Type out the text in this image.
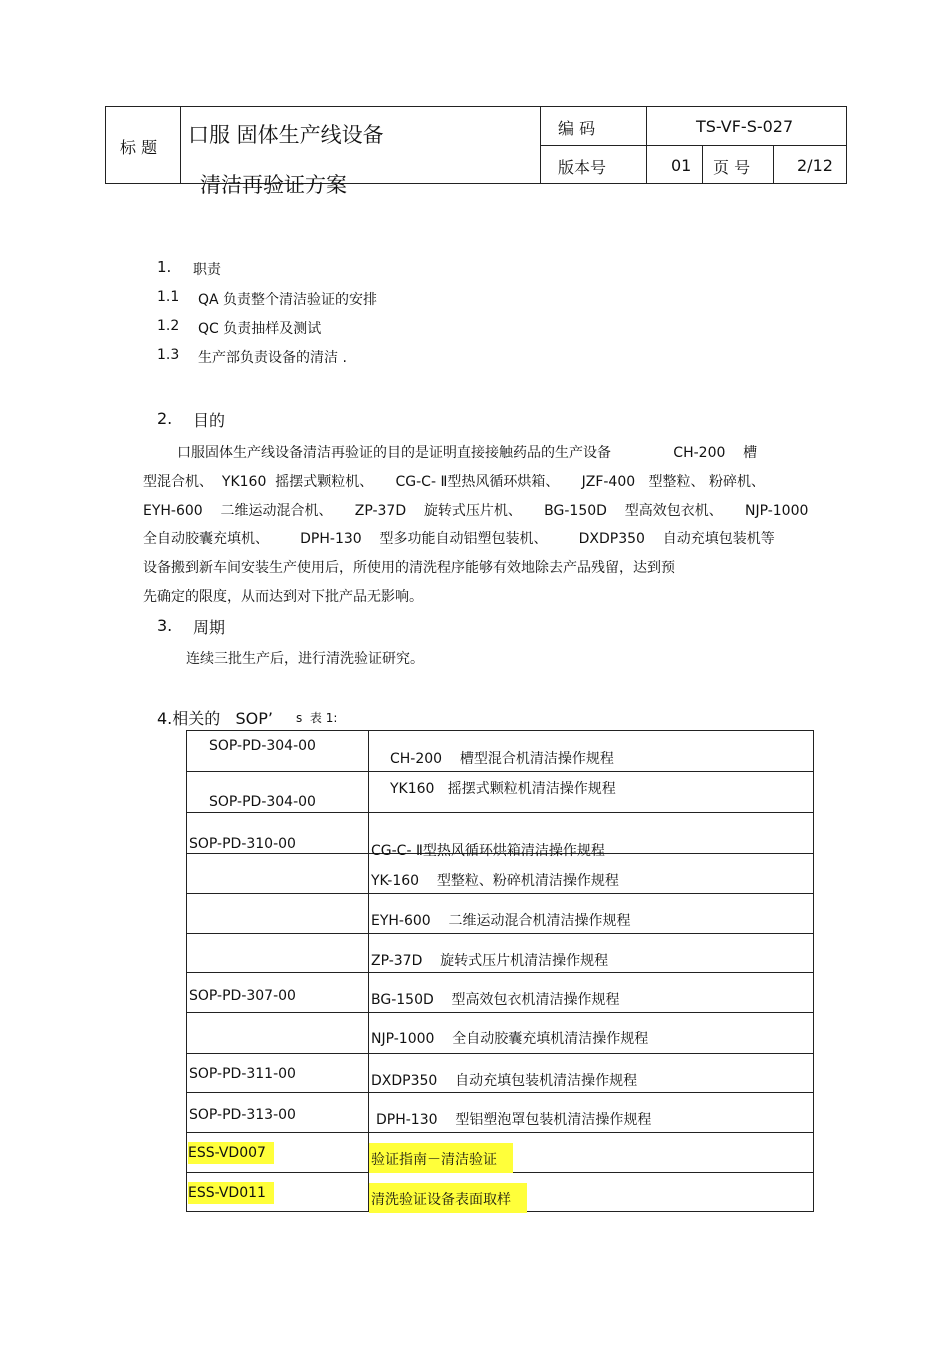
标 题
口服 固体生产线设备
清洁再验证方案
编 码	TS-VF-S-027
版本号	01 页 号	2/12
1. 职责
1.1 QA 负责整个清洁验证的安排
1.2 QC 负责抽样及测试
1.3 生产部负责设备的清洁 .
2. 目的
口服固体生产线设备清洁再验证的目的是证明直接接触药品的生产设备              CH-200    槽
型混合机、  YK160  摇摆式颗粒机、     CG-C- Ⅱ型热风循环烘箱、     JZF-400   型整粒、 粉碎机、
EYH-600    二维运动混合机、     ZP-37D    旋转式压片机、     BG-150D    型高效包衣机、     NJP-1000
全自动胶囊充填机、       DPH-130    型多功能自动铝塑包装机、       DXDP350    自动充填包装机等
设备搬到新车间安装生产使用后，所使用的清洗程序能够有效地除去产品残留，达到预
先确定的限度，从而达到对下批产品无影响。
3. 周期
连续三批生产后，进行清洗验证研究。
4.相关的   SOP’ s  表 1:
SOP-PD-304-00	CH-200    槽型混合机清洁操作规程

SOP-PD-304-00	YK160   摇摆式颗粒机清洁操作规程

SOP-PD-310-00	CG-C- Ⅱ型热风循环烘箱清洁操作规程

	YK-160    型整粒、粉碎机清洁操作规程

	EYH-600    二维运动混合机清洁操作规程

	ZP-37D    旋转式压片机清洁操作规程

SOP-PD-307-00	BG-150D    型高效包衣机清洁操作规程

	NJP-1000    全自动胶囊充填机清洁操作规程

SOP-PD-311-00	DXDP350    自动充填包装机清洁操作规程

SOP-PD-313-00	DPH-130    型铝塑泡罩包装机清洁操作规程

ESS-VD007	验证指南－清洁验证

ESS-VD011	清洗验证设备表面取样
